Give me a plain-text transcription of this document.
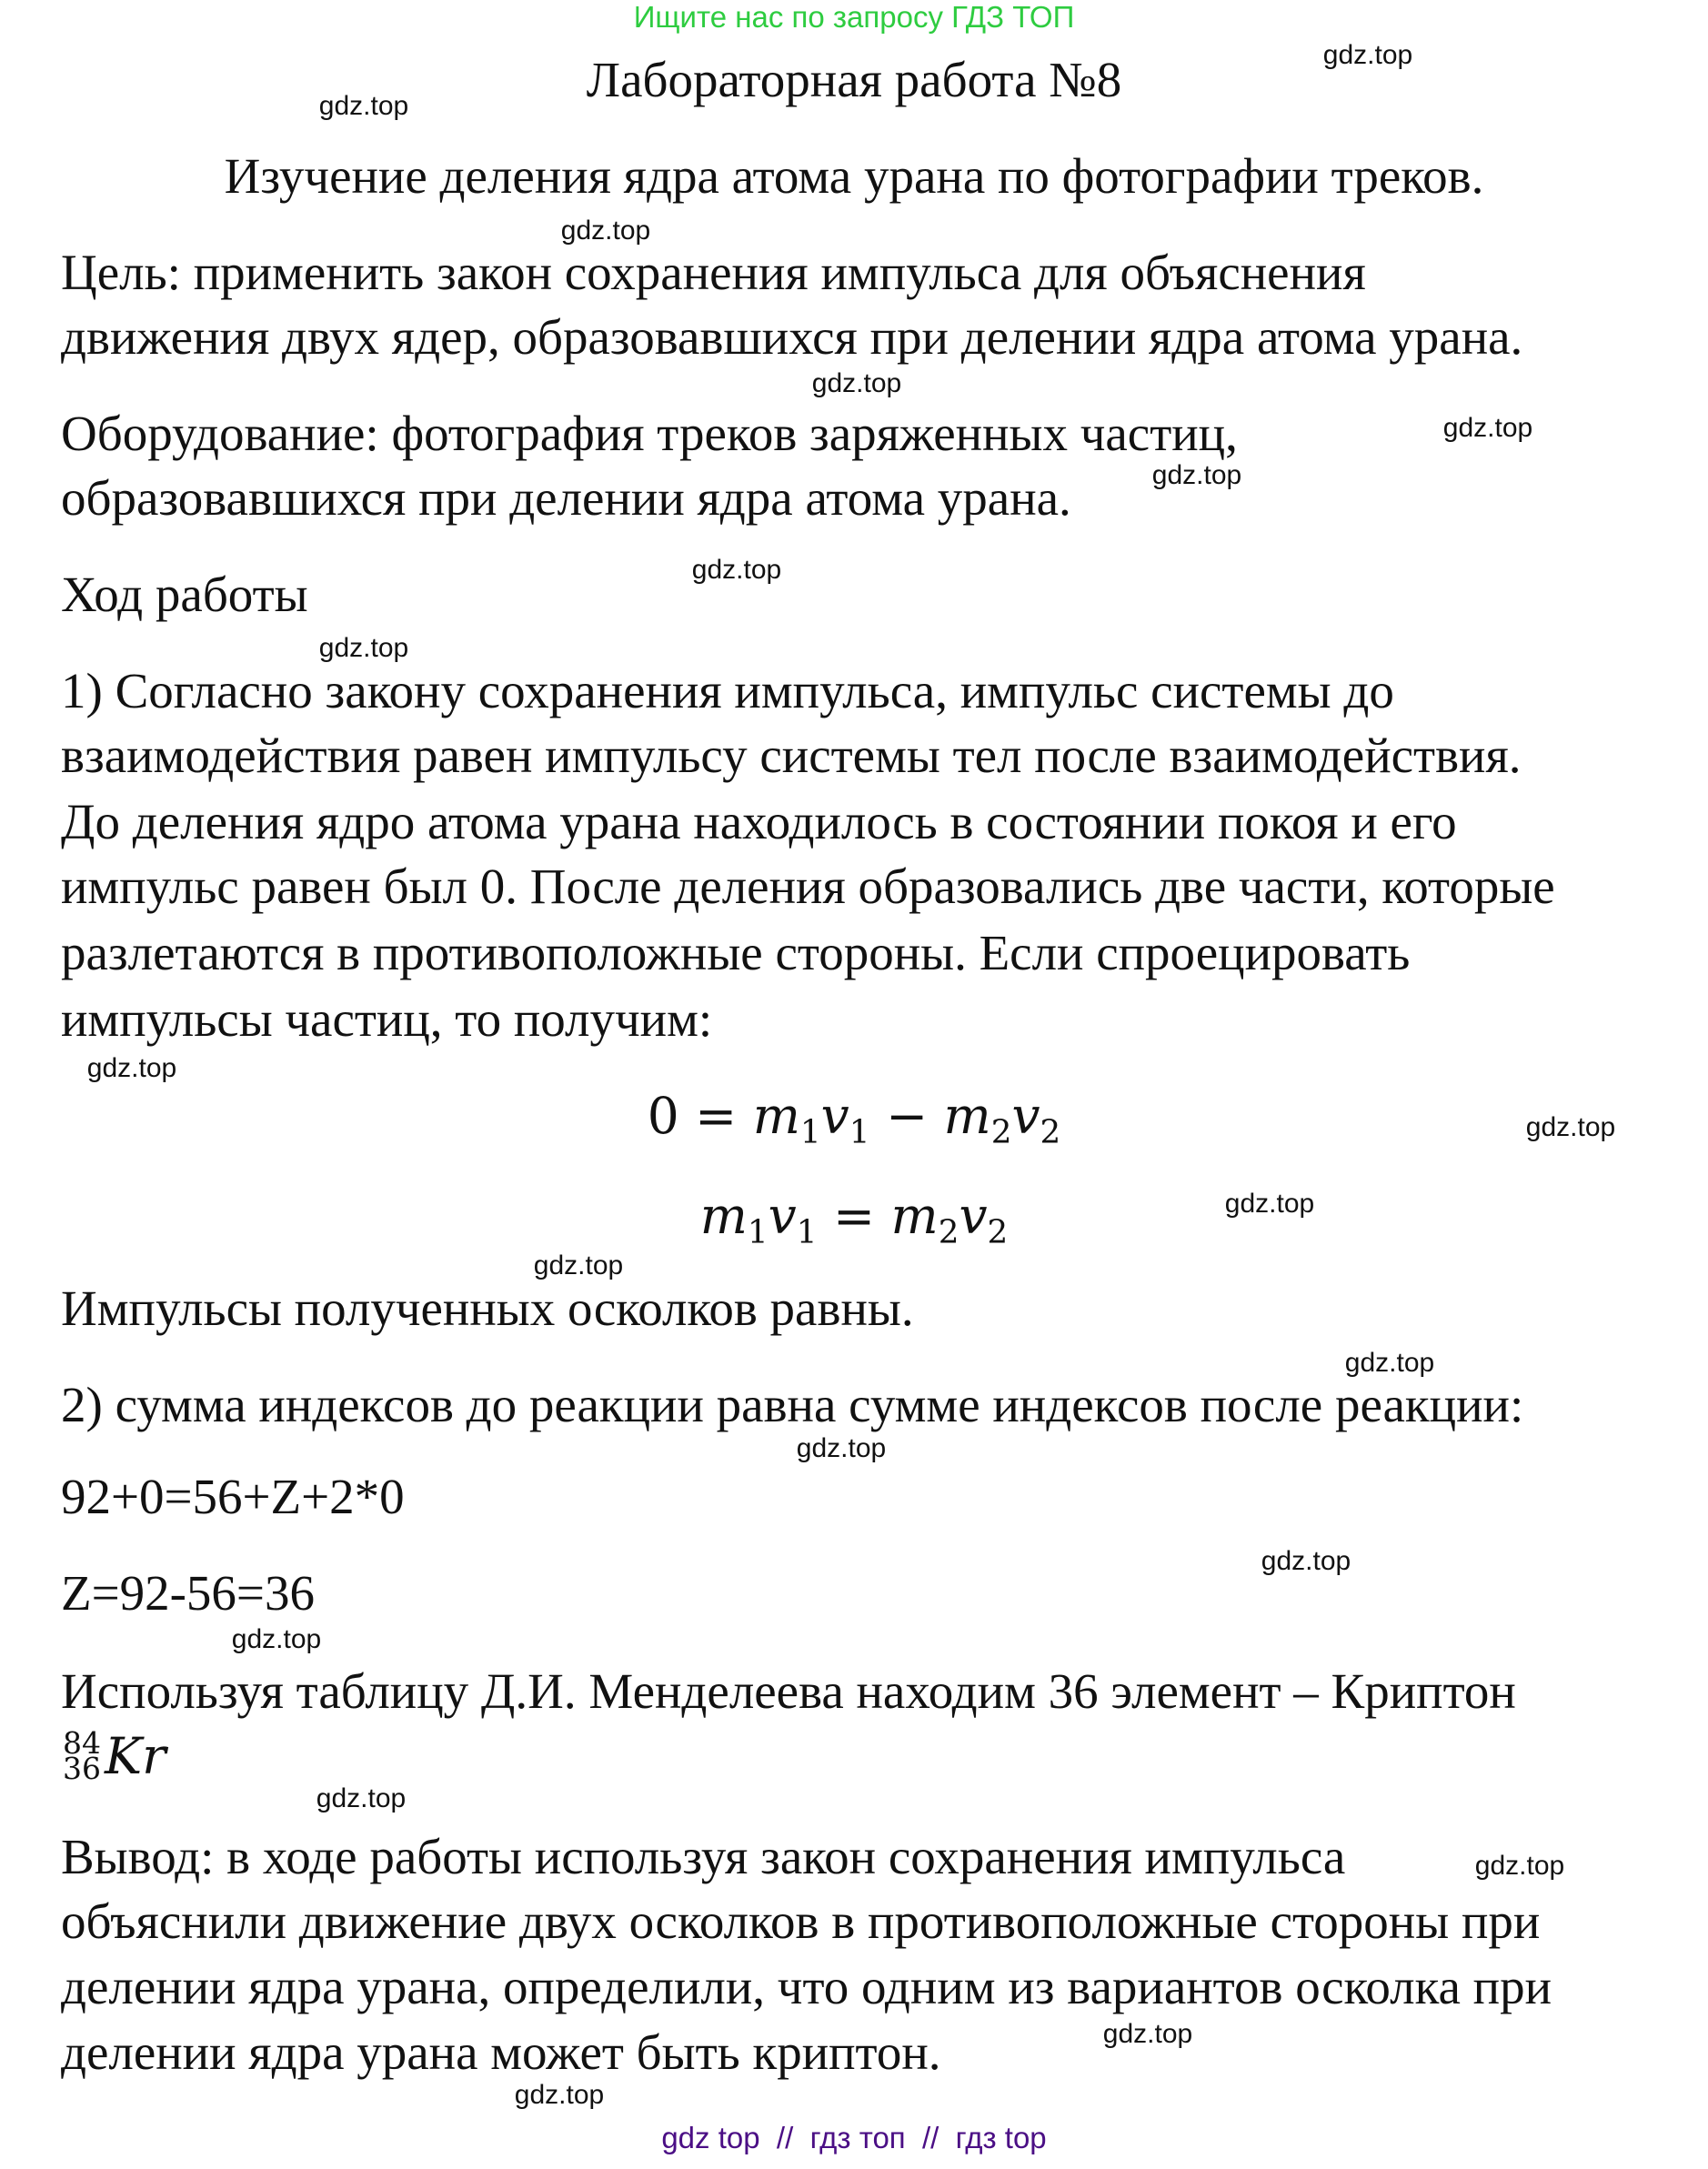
Ищите нас по запросу ГДЗ ТОП
Лабораторная работа №8
Изучение деления ядра атома урана по фотографии треков.
Цель: применить закон сохранения импульса для объяснения
движения двух ядер, образовавшихся при делении ядра атома урана.
Оборудование: фотография треков заряженных частиц,
образовавшихся при делении ядра атома урана.
Ход работы
1) Согласно закону сохранения импульса, импульс системы до
взаимодействия равен импульсу системы тел после взаимодействия.
До деления ядро атома урана находилось в состоянии покоя и его
импульс равен был 0. После деления образовались две части, которые
разлетаются в противоположные стороны. Если спроецировать
импульсы частиц, то получим:
$0 = m_1v_1 - m_2v_2$
$m_1v_1 = m_2v_2$
Импульсы полученных осколков равны.
2) сумма индексов до реакции равна сумме индексов после реакции:
92+0=56+Z+2*0
Z=92-56=36
Используя таблицу Д.И. Менделеева находим 36 элемент – Криптон
84
36 Kr
Вывод: в ходе работы используя закон сохранения импульса
объяснили движение двух осколков в противоположные стороны при
делении ядра урана, определили, что одним из вариантов осколка при
делении ядра урана может быть криптон.
gdz.top
gdz.top
gdz.top
gdz.top
gdz.top
gdz.top
gdz.top
gdz.top
gdz.top
gdz.top
gdz.top
gdz.top
gdz.top
gdz.top
gdz.top
gdz.top
gdz.top
gdz.top
gdz.top
gdz.top
gdz top  //  гдз топ  //  гдз top
